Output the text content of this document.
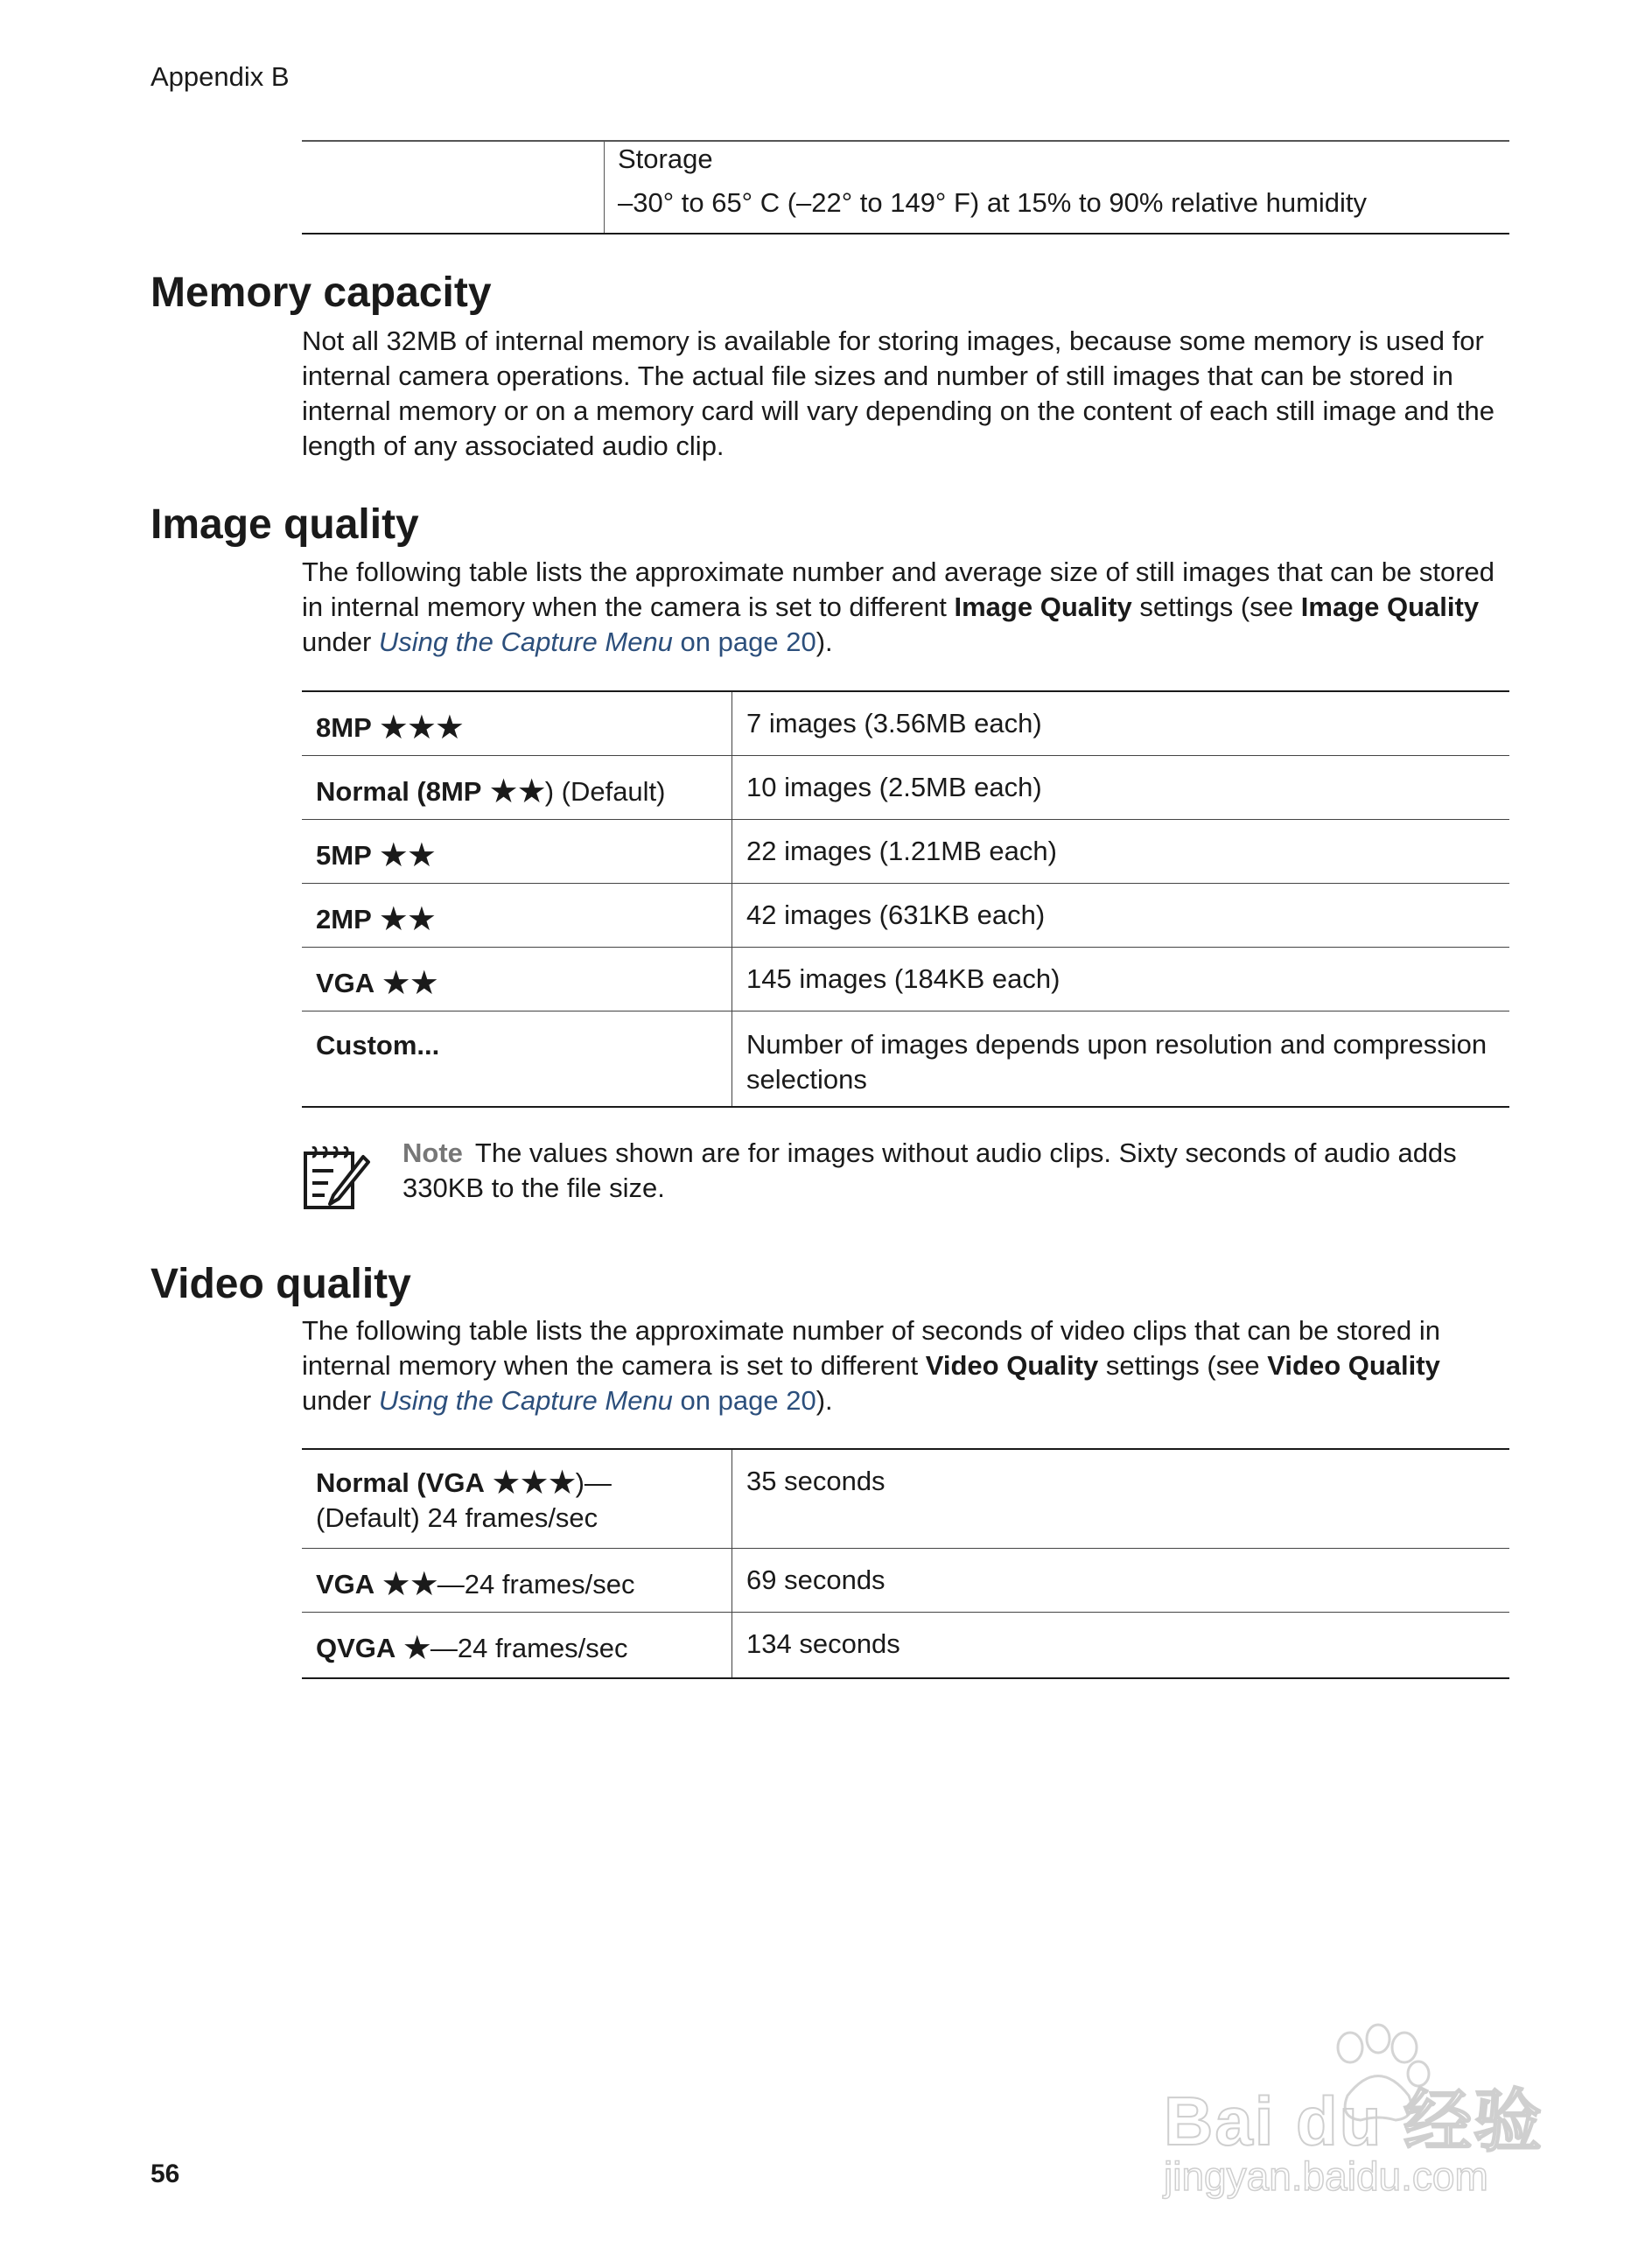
Appendix B
Storage
–30° to 65° C (–22° to 149° F) at 15% to 90% relative humidity
Memory capacity

Not all 32MB of internal memory is available for storing images, because some memory is used for internal camera operations. The actual file sizes and number of still images that can be stored in internal memory or on a memory card will vary depending on the content of each still image and the length of any associated audio clip.

Image quality

The following table lists the approximate number and average size of still images that can be stored in internal memory when the camera is set to different Image Quality settings (see Image Quality under Using the Capture Menu on page 20).

8MP ★★★	7 images (3.56MB each)
Normal (8MP ★★) (Default)	10 images (2.5MB each)
5MP ★★	22 images (1.21MB each)
2MP ★★	42 images (631KB each)
VGA ★★	145 images (184KB each)
Custom...	Number of images depends upon resolution and compression selections

Note The values shown are for images without audio clips. Sixty seconds of audio adds 330KB to the file size.

Video quality

The following table lists the approximate number of seconds of video clips that can be stored in internal memory when the camera is set to different Video Quality settings (see Video Quality under Using the Capture Menu on page 20).

Normal (VGA ★★★)—
(Default) 24 frames/sec	35 seconds
VGA ★★—24 frames/sec	69 seconds
QVGA ★—24 frames/sec	134 seconds
56
Bai du 经验
jingyan.baidu.com
